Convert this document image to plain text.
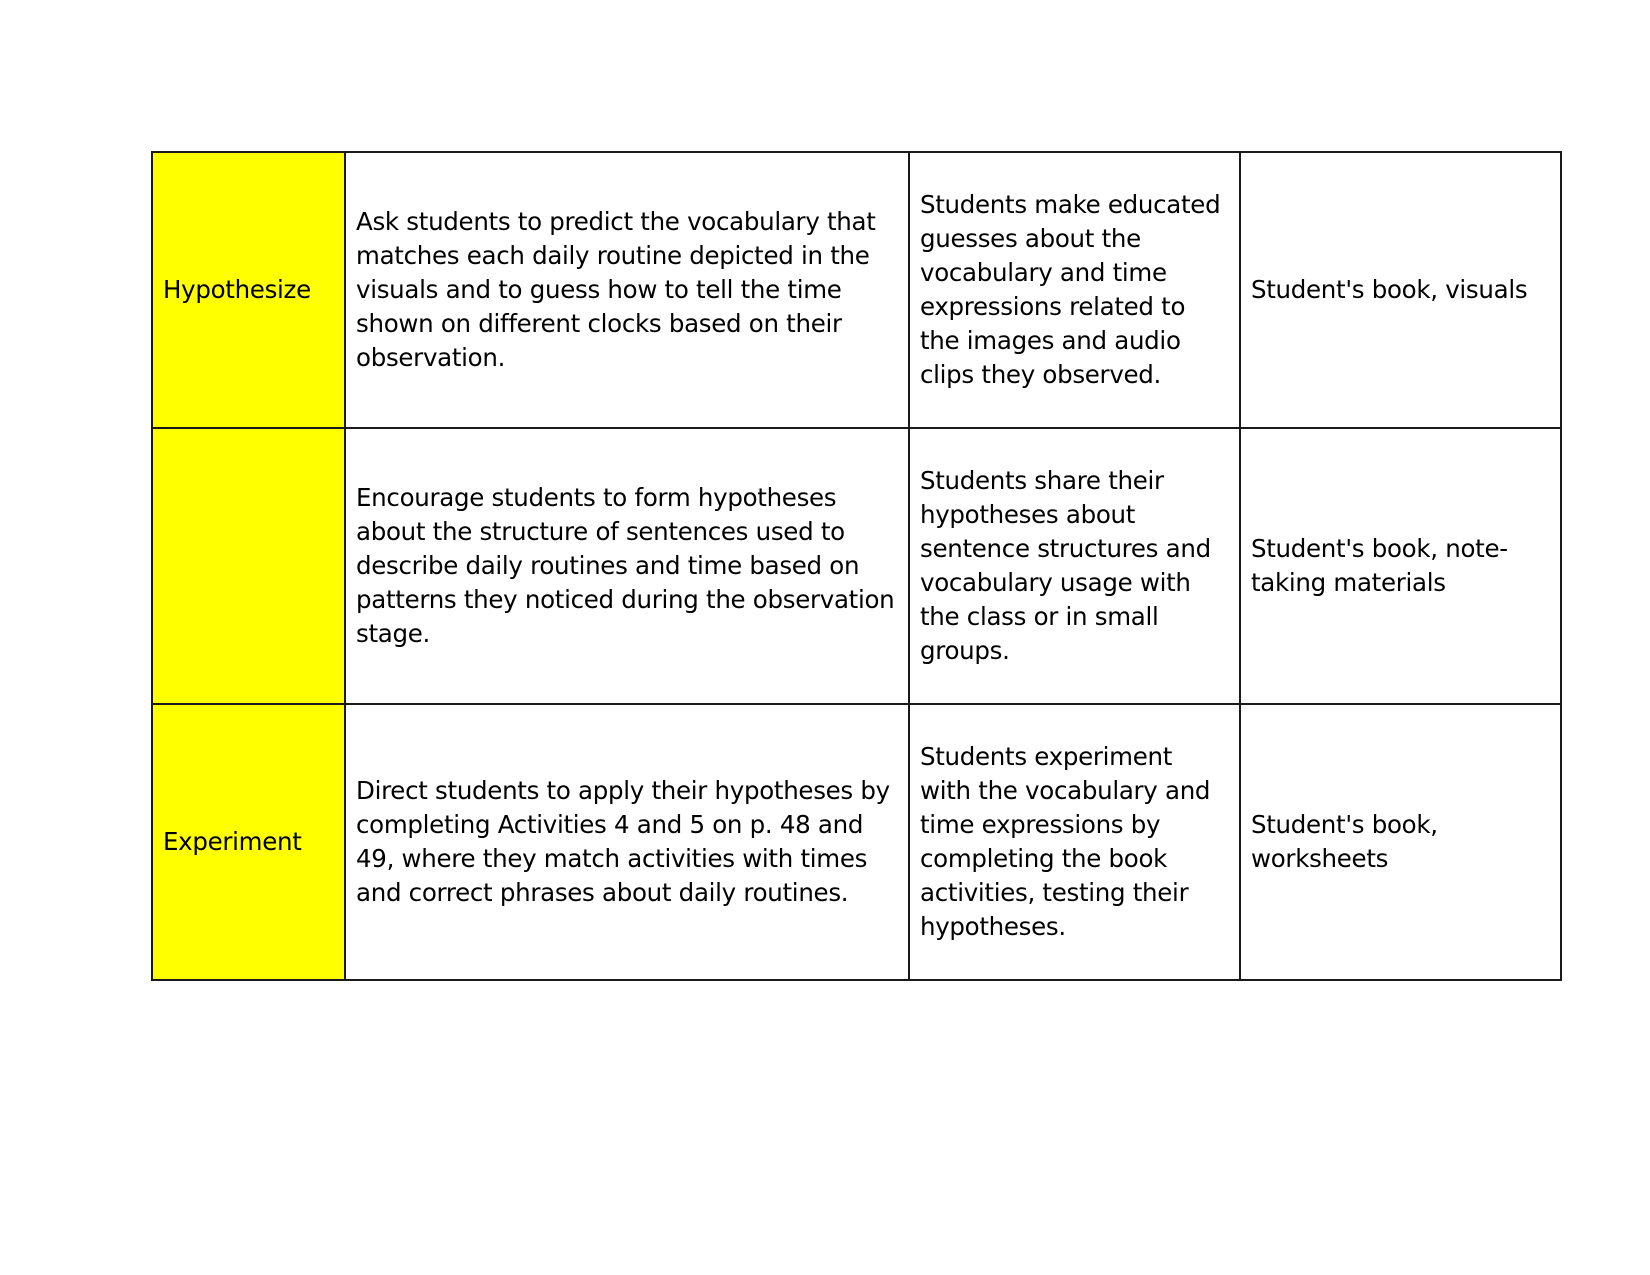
Hypothesize	Ask students to predict the vocabulary that matches each daily routine depicted in the visuals and to guess how to tell the time shown on different clocks based on their observation.	Students make educated guesses about the vocabulary and time expressions related to the images and audio clips they observed.	Student's book, visuals
	Encourage students to form hypotheses about the structure of sentences used to describe daily routines and time based on patterns they noticed during the observation stage.	Students share their hypotheses about sentence structures and vocabulary usage with the class or in small groups.	Student's book, note-taking materials
Experiment	Direct students to apply their hypotheses by completing Activities 4 and 5 on p. 48 and 49, where they match activities with times and correct phrases about daily routines.	Students experiment with the vocabulary and time expressions by completing the book activities, testing their hypotheses.	Student's book, worksheets
